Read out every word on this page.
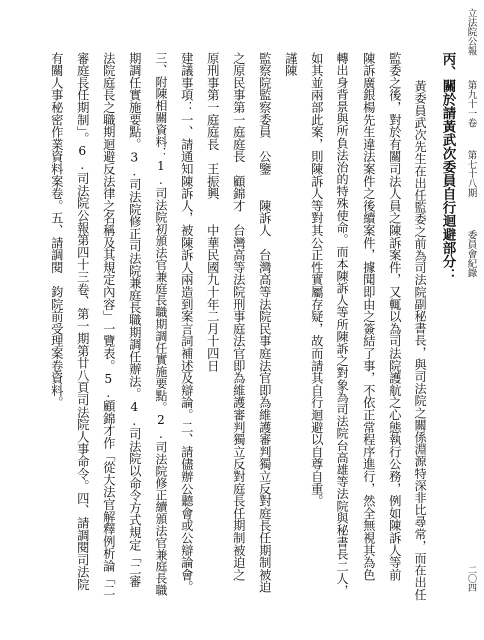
立法院公報
第九十一卷
第七十八期
委員會紀錄
二〇四
丙、關於請黃武次委員自行迴避部分：
黃委員武次先生在出任監委之前為司法院副秘書長，與司法院之關係淵源特深非比尋常，而在出任
監委之後，對於有關司法人員之陳訴案件，又輒以為司法院護航之心態執行公務，例如陳訴人等前
陳訴廣銀楊先生違法案件之後續案件，據聞即由之簽結了事，不依正常程序進行，然全無視其為色
轉出身背景與所負法治的特殊使命。而本陳訴人等所陳訴之對象為司法院台高雄等法院與秘書長二人，
如其並兩部此案，則陳訴人等對其公正性實屬存疑，故而請其自行迴避以自尊自重。
謹陳
監察院監察委員　公鑒　　陳訴人　台灣高等法院民事庭法官即為維護審判獨立反對庭長任期制被迫
之原民事第一庭庭長　顧錦才　台灣高等法院刑事庭法官即為維護審判獨立反對庭長任期制被迫之
原刑事第一庭庭長　王振興　　中華民國九十年二月十四日
建議事項：一、請通知陳訴人，被陳訴人兩造到案言詞補述及辯論。二、請儘辦公聽會或公辯論會。
三、附陳相關資料：1.司法院初頒法官兼庭長職期調任實施要點。2.司法院修正續頒法官兼庭長職
期調任實施要點。3.司法院修正司法院兼庭長職期調任辦法。4.司法院以命令方式規定「二審
法院庭長之職期迴避反法律之名稱及其規定內容」一覽表。5.顧錦才作「從大法官解釋例析論「二
審庭長任期制」。6.司法院公報第四十三卷、第一期第廿八頁司法院人事命令。四、請調閱司法院
有關人事秘密作業資料案卷。五、請調閱　鈞院前受理案卷資料。
